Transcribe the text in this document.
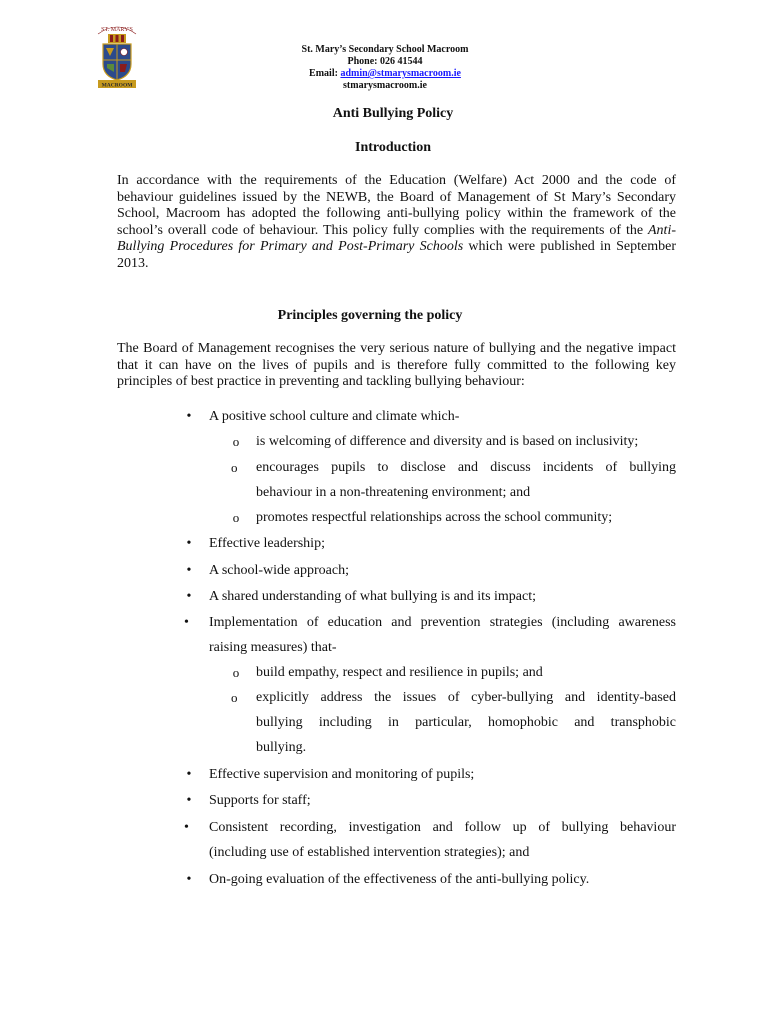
ST. MARY'S
MACROOM
St. Mary’s Secondary School Macroom
Phone: 026 41544
Email: admin@stmarysmacroom.ie
stmarysmacroom.ie
Anti Bullying Policy
Introduction
In accordance with the requirements of the Education (Welfare) Act 2000 and the code of behaviour guidelines issued by the NEWB, the Board of Management of St Mary’s Secondary School, Macroom has adopted the following anti-bullying policy within the framework of the school’s overall code of behaviour. This policy fully complies with the requirements of the Anti-Bullying Procedures for Primary and Post-Primary Schools which were published in September 2013.
Principles governing the policy
The Board of Management recognises the very serious nature of bullying and the negative impact that it can have on the lives of pupils and is therefore fully committed to the following key principles of best practice in preventing and tackling bullying behaviour:
• A positive school culture and climate which-
o is welcoming of difference and diversity and is based on inclusivity;
o encourages pupils to disclose and discuss incidents of bullying
behaviour in a non-threatening environment; and
o promotes respectful relationships across the school community;
• Effective leadership;
• A school-wide approach;
• A shared understanding of what bullying is and its impact;
•	Implementation of education and prevention strategies (including awareness
raising measures) that-
o build empathy, respect and resilience in pupils; and
o explicitly address the issues of cyber-bullying and identity-based
bullying including in particular, homophobic and transphobic
bullying.
• Effective supervision and monitoring of pupils;
• Supports for staff;
•	Consistent recording, investigation and follow up of bullying behaviour
(including use of established intervention strategies); and
• On-going evaluation of the effectiveness of the anti-bullying policy.
